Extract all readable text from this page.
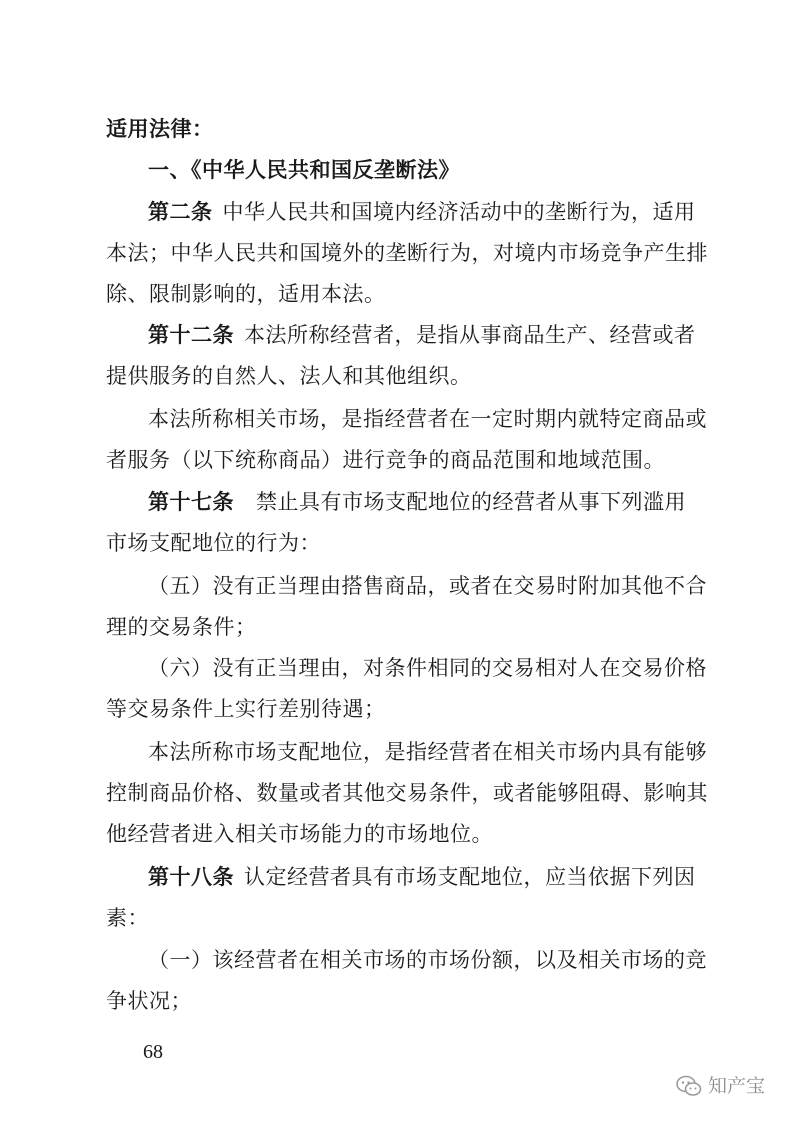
适用法律：
一、《中华人民共和国反垄断法》
第二条 中华人民共和国境内经济活动中的垄断行为，适用
本法；中华人民共和国境外的垄断行为，对境内市场竞争产生排
除、限制影响的，适用本法。
第十二条 本法所称经营者，是指从事商品生产、经营或者
提供服务的自然人、法人和其他组织。
本法所称相关市场，是指经营者在一定时期内就特定商品或
者服务（以下统称商品）进行竞争的商品范围和地域范围。
第十七条 禁止具有市场支配地位的经营者从事下列滥用
市场支配地位的行为：
（五）没有正当理由搭售商品，或者在交易时附加其他不合
理的交易条件；
（六）没有正当理由，对条件相同的交易相对人在交易价格
等交易条件上实行差别待遇；
本法所称市场支配地位，是指经营者在相关市场内具有能够
控制商品价格、数量或者其他交易条件，或者能够阻碍、影响其
他经营者进入相关市场能力的市场地位。
第十八条 认定经营者具有市场支配地位，应当依据下列因
素：
（一）该经营者在相关市场的市场份额，以及相关市场的竞
争状况；
68
知产宝
